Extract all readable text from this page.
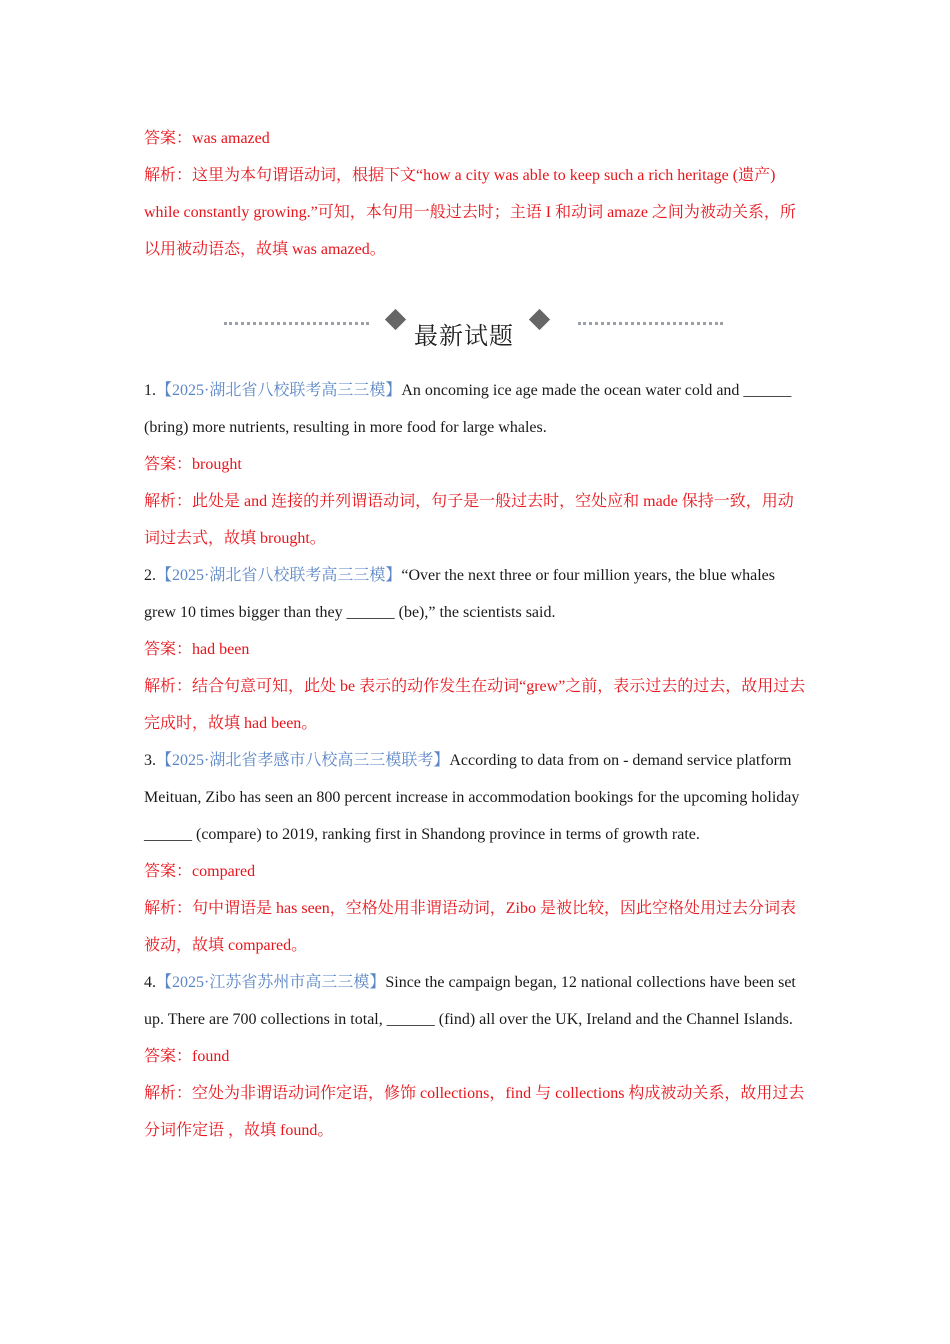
答案：was amazed

解析：这里为本句谓语动词，根据下文“how a city was able to keep such a rich heritage (遗产) while constantly growing.”可知，本句用一般过去时；主语 I 和动词 amaze 之间为被动关系，所以用被动语态，故填 was amazed。

最新试题

1.【2025·湖北省八校联考高三三模】An oncoming ice age made the ocean water cold and ______ (bring) more nutrients, resulting in more food for large whales.

答案：brought

解析：此处是 and 连接的并列谓语动词，句子是一般过去时，空处应和 made 保持一致，用动词过去式，故填 brought。

2.【2025·湖北省八校联考高三三模】“Over the next three or four million years, the blue whales grew 10 times bigger than they ______ (be),” the scientists said.

答案：had been

解析：结合句意可知，此处 be 表示的动作发生在动词“grew”之前，表示过去的过去，故用过去完成时，故填 had been。

3.【2025·湖北省孝感市八校高三三模联考】According to data from on - demand service platform Meituan, Zibo has seen an 800 percent increase in accommodation bookings for the upcoming holiday ______ (compare) to 2019, ranking first in Shandong province in terms of growth rate.

答案：compared

解析：句中谓语是 has seen，空格处用非谓语动词，Zibo 是被比较，因此空格处用过去分词表被动，故填 compared。

4.【2025·江苏省苏州市高三三模】Since the campaign began, 12 national collections have been set up. There are 700 collections in total, ______ (find) all over the UK, Ireland and the Channel Islands.

答案：found

解析：空处为非谓语动词作定语，修饰 collections，find 与 collections 构成被动关系，故用过去分词作定语 ，故填 found。
